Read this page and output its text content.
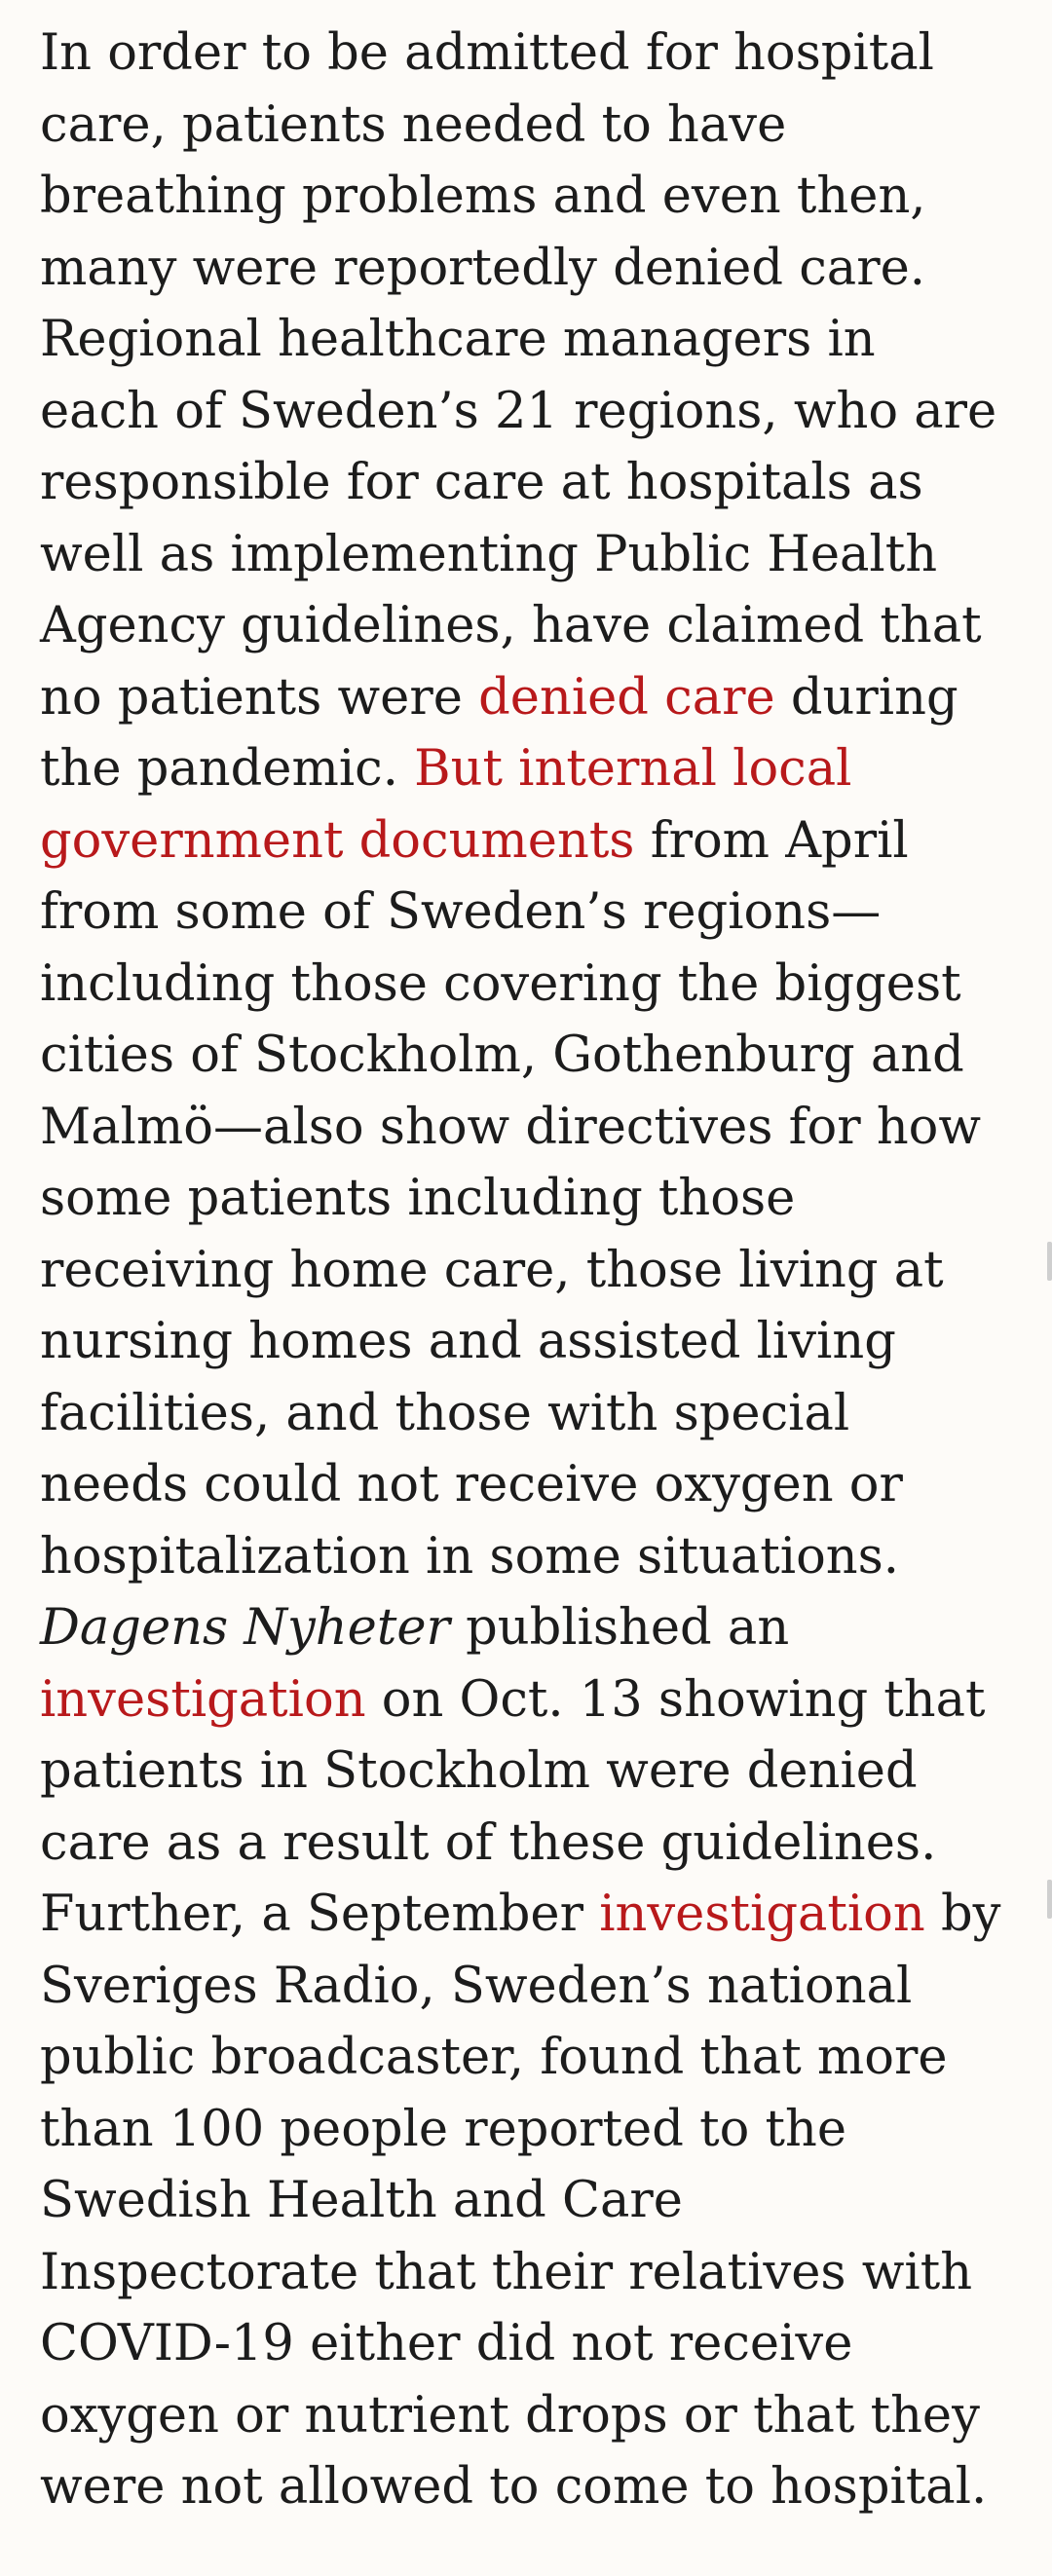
In order to be admitted for hospital
care, patients needed to have
breathing problems and even then,
many were reportedly denied care.
Regional healthcare managers in
each of Sweden’s 21 regions, who are
responsible for care at hospitals as
well as implementing Public Health
Agency guidelines, have claimed that
no patients were denied care during
the pandemic. But internal local
government documents from April
from some of Sweden’s regions—
including those covering the biggest
cities of Stockholm, Gothenburg and
Malmö—also show directives for how
some patients including those
receiving home care, those living at
nursing homes and assisted living
facilities, and those with special
needs could not receive oxygen or
hospitalization in some situations.
Dagens Nyheter published an
investigation on Oct. 13 showing that
patients in Stockholm were denied
care as a result of these guidelines.
Further, a September investigation by
Sveriges Radio, Sweden’s national
public broadcaster, found that more
than 100 people reported to the
Swedish Health and Care
Inspectorate that their relatives with
COVID-19 either did not receive
oxygen or nutrient drops or that they
were not allowed to come to hospital.
